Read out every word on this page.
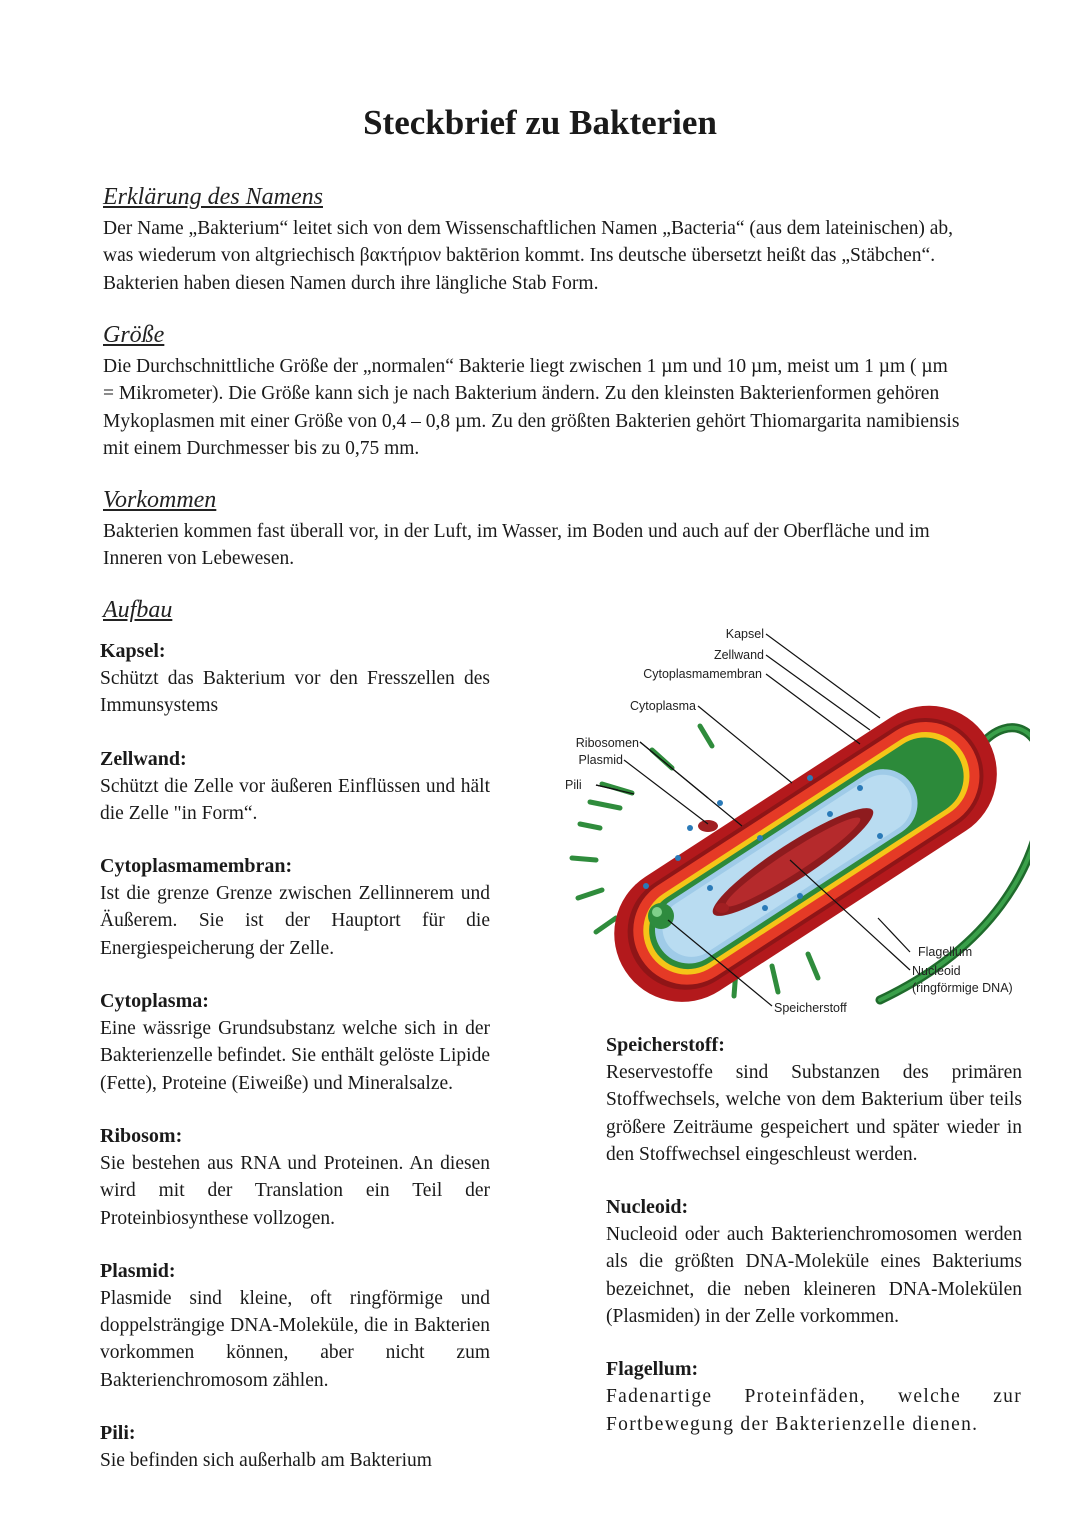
Steckbrief zu Bakterien
Erklärung des Namens

Der Name „Bakterium“ leitet sich von dem Wissenschaftlichen Namen „Bacteria“ (aus dem lateinischen) ab, was wiederum von altgriechisch βακτήριον baktērion kommt. Ins deutsche übersetzt heißt das „Stäbchen“. Bakterien haben diesen Namen durch ihre längliche Stab Form.

Größe

Die Durchschnittliche Größe der „normalen“ Bakterie liegt zwischen 1 µm und 10 µm, meist um 1 µm ( µm = Mikrometer). Die Größe kann sich je nach Bakterium ändern. Zu den kleinsten Bakterienformen gehören Mykoplasmen mit einer Größe von 0,4 – 0,8 µm. Zu den größten Bakterien gehört Thiomargarita namibiensis mit einem Durchmesser bis zu 0,75 mm.

Vorkommen

Bakterien kommen fast überall vor, in der Luft, im Wasser, im Boden und auch auf der Oberfläche und im Inneren von Lebewesen.

Aufbau

Kapsel:

Schützt das Bakterium vor den Fresszellen des Immunsystems

Zellwand:

Schützt die Zelle vor äußeren Einflüssen und hält die Zelle "in Form“.

Cytoplasmamembran:

Ist die grenze Grenze zwischen Zellinnerem und Äußerem. Sie ist der Hauptort für die Energiespeicherung der Zelle.

Cytoplasma:

Eine wässrige Grundsubstanz welche sich in der Bakterienzelle befindet. Sie enthält gelöste Lipide (Fette), Proteine (Eiweiße) und Mineralsalze.

Ribosom:

Sie bestehen aus RNA und Proteinen. An diesen wird mit der Translation ein Teil der Proteinbiosynthese vollzogen.

Plasmid:

Plasmide sind kleine, oft ringförmige und doppelsträngige DNA-Moleküle, die in Bakterien vorkommen können, aber nicht zum Bakterienchromosom zählen.

Pili:

Sie befinden sich außerhalb am Bakterium

Speicherstoff:

Reservestoffe sind Substanzen des primären Stoffwechsels, welche von dem Bakterium über teils größere Zeiträume gespeichert und später wieder in den Stoffwechsel eingeschleust werden.

Nucleoid:

Nucleoid oder auch Bakterienchromosomen werden als die größten DNA-Moleküle eines Bakteriums bezeichnet, die neben kleineren DNA-Molekülen (Plasmiden) in der Zelle vorkommen.

Flagellum:

Fadenartige Proteinfäden, welche zur Fortbewegung der Bakterienzelle dienen.

Kapsel
Zellwand
Cytoplasmamembran
Cytoplasma
Ribosomen
Plasmid
Pili
Flagellum
Nucleoid
(ringförmige DNA)
Speicherstoff
